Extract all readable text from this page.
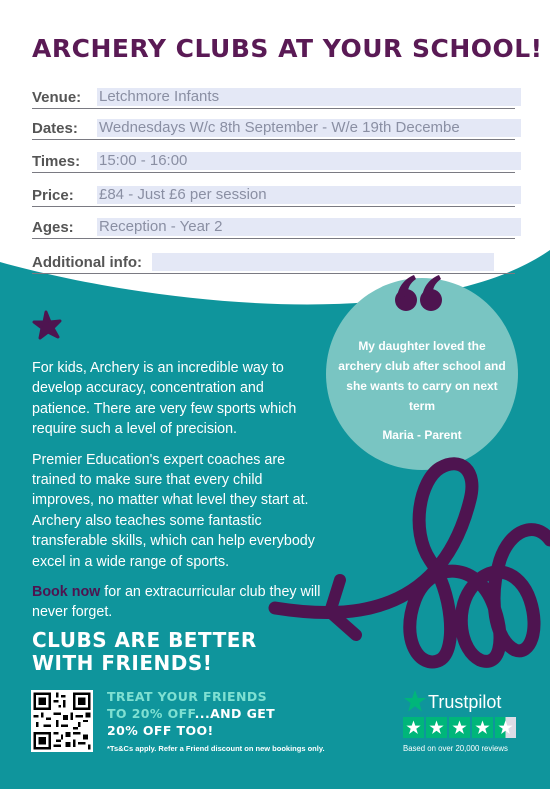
ARCHERY CLUBS AT YOUR SCHOOL!
Venue: Letchmore Infants
Dates: Wednesdays W/c 8th September - W/e 19th Decembe
Times: 15:00 - 16:00
Price: £84 - Just £6 per session
Ages: Reception - Year 2
Additional info:

For kids, Archery is an incredible way to develop accuracy, concentration and patience. There are very few sports which require such a level of precision.

Premier Education's expert coaches are trained to make sure that every child improves, no matter what level they start at. Archery also teaches some fantastic transferable skills, which can help everybody excel in a wide range of sports.

Book now for an extracurricular club they will never forget.

My daughter loved the archery club after school and she wants to carry on next term
Maria - Parent
CLUBS ARE BETTER
WITH FRIENDS!
TREAT YOUR FRIENDS
TO 20% OFF...AND GET
20% OFF TOO!
*Ts&Cs apply. Refer a Friend discount on new bookings only.
Trustpilot
Based on over 20,000 reviews
